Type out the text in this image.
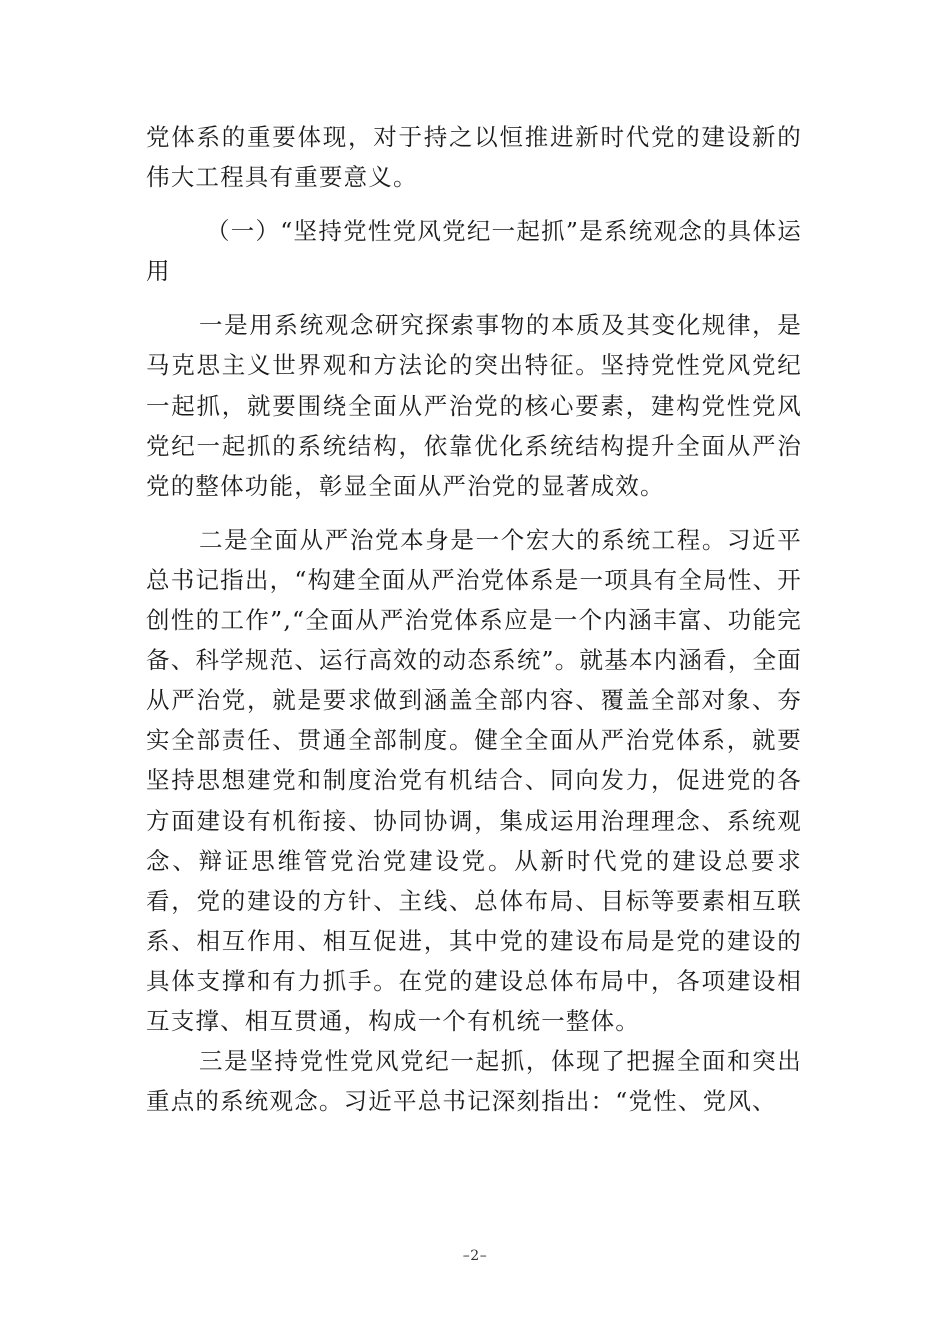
党体系的重要体现，对于持之以恒推进新时代党的建设新的伟大工程具有重要意义。

（一）“坚持党性党风党纪一起抓”是系统观念的具体运用

一是用系统观念研究探索事物的本质及其变化规律，是马克思主义世界观和方法论的突出特征。坚持党性党风党纪一起抓，就要围绕全面从严治党的核心要素，建构党性党风党纪一起抓的系统结构，依靠优化系统结构提升全面从严治党的整体功能，彰显全面从严治党的显著成效。

二是全面从严治党本身是一个宏大的系统工程。习近平总书记指出，“构建全面从严治党体系是一项具有全局性、开创性的工作”,“全面从严治党体系应是一个内涵丰富、功能完备、科学规范、运行高效的动态系统”。就基本内涵看，全面从严治党，就是要求做到涵盖全部内容、覆盖全部对象、夯实全部责任、贯通全部制度。健全全面从严治党体系，就要坚持思想建党和制度治党有机结合、同向发力，促进党的各方面建设有机衔接、协同协调，集成运用治理理念、系统观念、辩证思维管党治党建设党。从新时代党的建设总要求看，党的建设的方针、主线、总体布局、目标等要素相互联系、相互作用、相互促进，其中党的建设布局是党的建设的具体支撑和有力抓手。在党的建设总体布局中，各项建设相互支撑、相互贯通，构成一个有机统一整体。

三是坚持党性党风党纪一起抓，体现了把握全面和突出重点的系统观念。习近平总书记深刻指出：“党性、党风、

–2–
